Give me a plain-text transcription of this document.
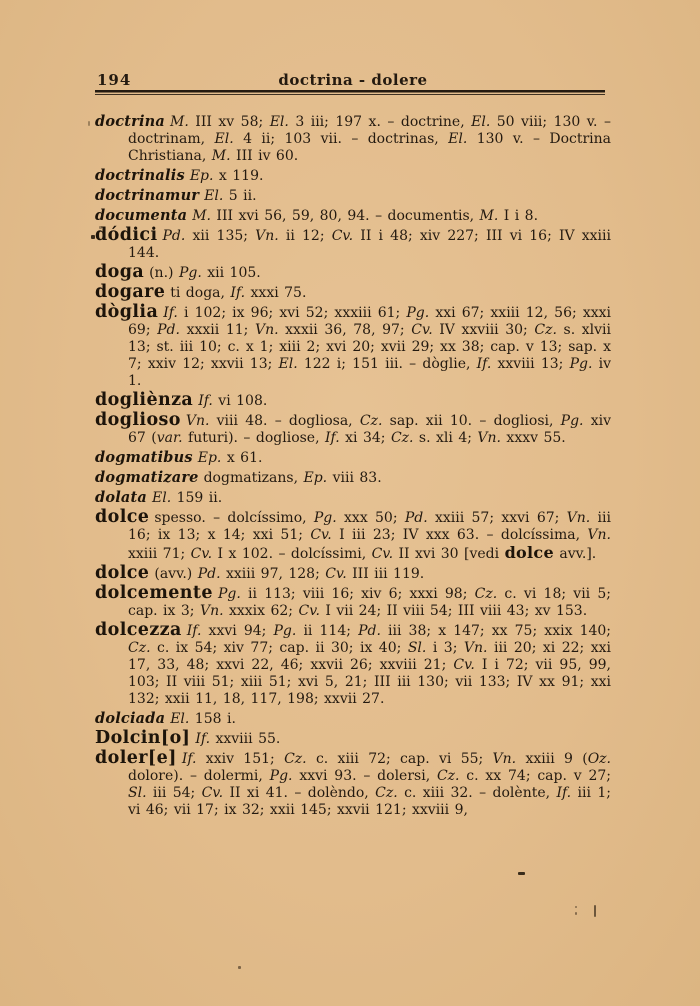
194	doctrina - dolere

doctrina M. III xv 58; El. 3 iii; 197 x. – doctrine, El. 50 viii; 130 v. – doctrinam, El. 4 ii; 103 vii. – doctrinas, El. 130 v. – Doctrina Christiana, M. III iv 60.

doctrinalis Ep. x 119.

doctrinamur El. 5 ii.

documenta M. III xvi 56, 59, 80, 94. – documentis, M. I i 8.

dódici Pd. xii 135; Vn. ii 12; Cv. II i 48; xiv 227; III vi 16; IV xxiii 144.

doga (n.) Pg. xii 105.

dogare ti doga, If. xxxi 75.

dòglia If. i 102; ix 96; xvi 52; xxxiii 61; Pg. xxi 67; xxiii 12, 56; xxxi 69; Pd. xxxii 11; Vn. xxxii 36, 78, 97; Cv. IV xxviii 30; Cz. s. xlvii 13; st. iii 10; c. x 1; xiii 2; xvi 20; xvii 29; xx 38; cap. v 13; sap. x 7; xxiv 12; xxvii 13; El. 122 i; 151 iii. – dòglie, If. xxviii 13; Pg. iv 1.

dogliènza If. vi 108.

doglioso Vn. viii 48. – dogliosa, Cz. sap. xii 10. – dogliosi, Pg. xiv 67 (var. futuri). – dogliose, If. xi 34; Cz. s. xli 4; Vn. xxxv 55.

dogmatibus Ep. x 61.

dogmatizare dogmatizans, Ep. viii 83.

dolata El. 159 ii.

dolce spesso. – dolcíssimo, Pg. xxx 50; Pd. xxiii 57; xxvi 67; Vn. iii 16; ix 13; x 14; xxi 51; Cv. I iii 23; IV xxx 63. – dolcíssima, Vn. xxiii 71; Cv. I x 102. – dolcíssimi, Cv. II xvi 30 [vedi dolce avv.].

dolce (avv.) Pd. xxiii 97, 128; Cv. III iii 119.

dolcemente Pg. ii 113; viii 16; xiv 6; xxxi 98; Cz. c. vi 18; vii 5; cap. ix 3; Vn. xxxix 62; Cv. I vii 24; II viii 54; III viii 43; xv 153.

dolcezza If. xxvi 94; Pg. ii 114; Pd. iii 38; x 147; xx 75; xxix 140; Cz. c. ix 54; xiv 77; cap. ii 30; ix 40; Sl. i 3; Vn. iii 20; xi 22; xxi 17, 33, 48; xxvi 22, 46; xxvii 26; xxviii 21; Cv. I i 72; vii 95, 99, 103; II viii 51; xiii 51; xvi 5, 21; III iii 130; vii 133; IV xx 91; xxi 132; xxii 11, 18, 117, 198; xxvii 27.

dolciada El. 158 i.

Dolcin[o] If. xxviii 55.

doler[e] If. xxiv 151; Cz. c. xiii 72; cap. vi 55; Vn. xxiii 9 (Oz. dolore). – dolermi, Pg. xxvi 93. – dolersi, Cz. c. xx 74; cap. v 27; Sl. iii 54; Cv. II xi 41. – dolèndo, Cz. c. xiii 32. – dolènte, If. iii 1; vi 46; vii 17; ix 32; xxii 145; xxvii 121; xxviii 9,
